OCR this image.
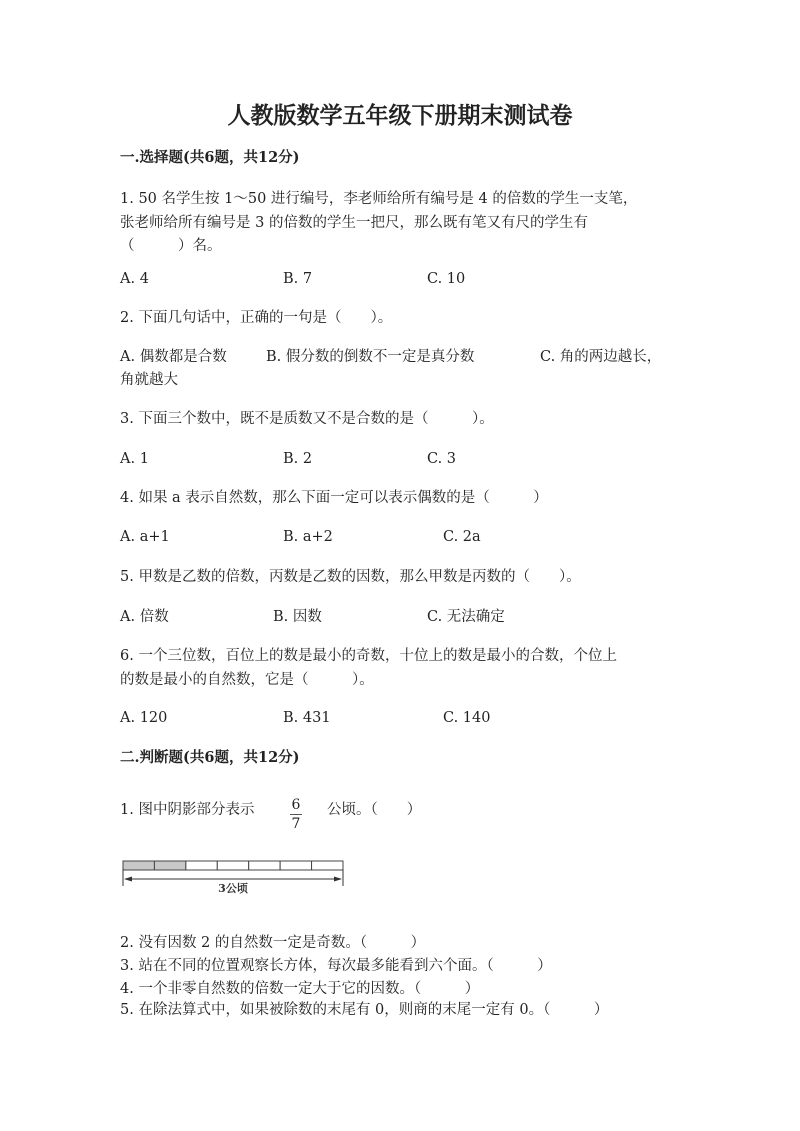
人教版数学五年级下册期末测试卷
一.选择题(共6题，共12分)
1. 50 名学生按 1～50 进行编号，李老师给所有编号是 4 的倍数的学生一支笔，
张老师给所有编号是 3 的倍数的学生一把尺，那么既有笔又有尺的学生有
（　　　）名。
A. 4	B. 7	C. 10
2. 下面几句话中，正确的一句是（　　）。
A. 偶数都是合数	B. 假分数的倒数不一定是真分数	C. 角的两边越长，
角就越大
3. 下面三个数中，既不是质数又不是合数的是（　　　）。
A. 1	B. 2	C. 3
4. 如果 a 表示自然数，那么下面一定可以表示偶数的是（　　　）
A. a+1	B. a+2	C. 2a
5. 甲数是乙数的倍数，丙数是乙数的因数，那么甲数是丙数的（　　）。
A. 倍数	B. 因数	C. 无法确定
6. 一个三位数，百位上的数是最小的奇数，十位上的数是最小的合数，个位上
的数是最小的自然数，它是（　　　）。
A. 120	B. 431	C. 140
二.判断题(共6题，共12分)
1. 图中阴影部分表示	6
7
公顷。（　　）
3公顷
2. 没有因数 2 的自然数一定是奇数。（　　　）
3. 站在不同的位置观察长方体，每次最多能看到六个面。（　　　）
4. 一个非零自然数的倍数一定大于它的因数。（　　　）
5. 在除法算式中，如果被除数的末尾有 0，则商的末尾一定有 0。（　　　）
